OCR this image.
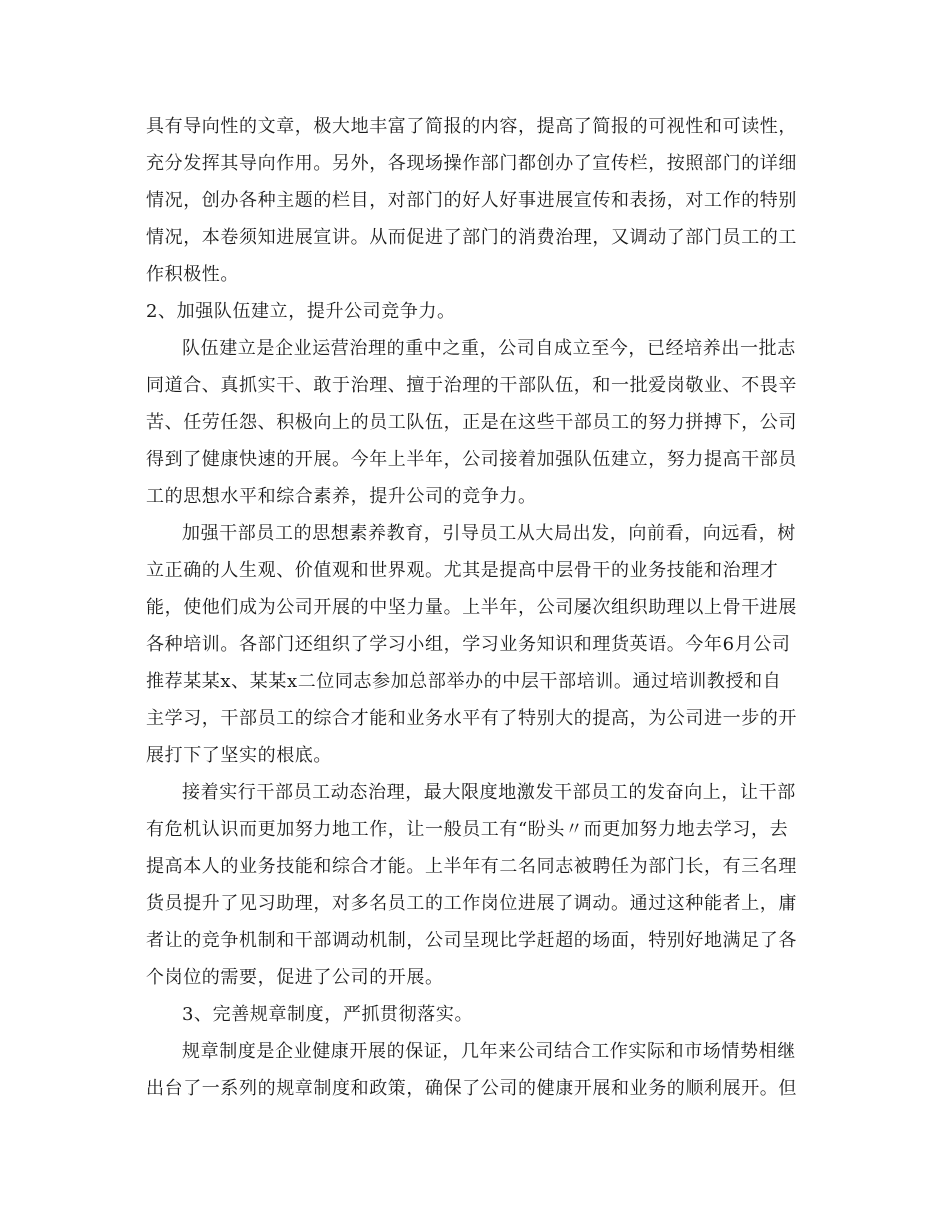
具有导向性的文章，极大地丰富了简报的内容，提高了简报的可视性和可读性，
充分发挥其导向作用。另外，各现场操作部门都创办了宣传栏，按照部门的详细
情况，创办各种主题的栏目，对部门的好人好事进展宣传和表扬，对工作的特别
情况，本卷须知进展宣讲。从而促进了部门的消费治理，又调动了部门员工的工
作积极性。
2、加强队伍建立，提升公司竞争力。
队伍建立是企业运营治理的重中之重，公司自成立至今，已经培养出一批志
同道合、真抓实干、敢于治理、擅于治理的干部队伍，和一批爱岗敬业、不畏辛
苦、任劳任怨、积极向上的员工队伍，正是在这些干部员工的努力拼搏下，公司
得到了健康快速的开展。今年上半年，公司接着加强队伍建立，努力提高干部员
工的思想水平和综合素养，提升公司的竞争力。
加强干部员工的思想素养教育，引导员工从大局出发，向前看，向远看，树
立正确的人生观、价值观和世界观。尤其是提高中层骨干的业务技能和治理才
能，使他们成为公司开展的中坚力量。上半年，公司屡次组织助理以上骨干进展
各种培训。各部门还组织了学习小组，学习业务知识和理货英语。今年6月公司
推荐某某x、某某x二位同志参加总部举办的中层干部培训。通过培训教授和自
主学习，干部员工的综合才能和业务水平有了特别大的提高，为公司进一步的开
展打下了坚实的根底。
接着实行干部员工动态治理，最大限度地激发干部员工的发奋向上，让干部
有危机认识而更加努力地工作，让一般员工有“盼头〃而更加努力地去学习，去
提高本人的业务技能和综合才能。上半年有二名同志被聘任为部门长，有三名理
货员提升了见习助理，对多名员工的工作岗位进展了调动。通过这种能者上，庸
者让的竞争机制和干部调动机制，公司呈现比学赶超的场面，特别好地满足了各
个岗位的需要，促进了公司的开展。
3、完善规章制度，严抓贯彻落实。
规章制度是企业健康开展的保证，几年来公司结合工作实际和市场情势相继
出台了一系列的规章制度和政策，确保了公司的健康开展和业务的顺利展开。但
